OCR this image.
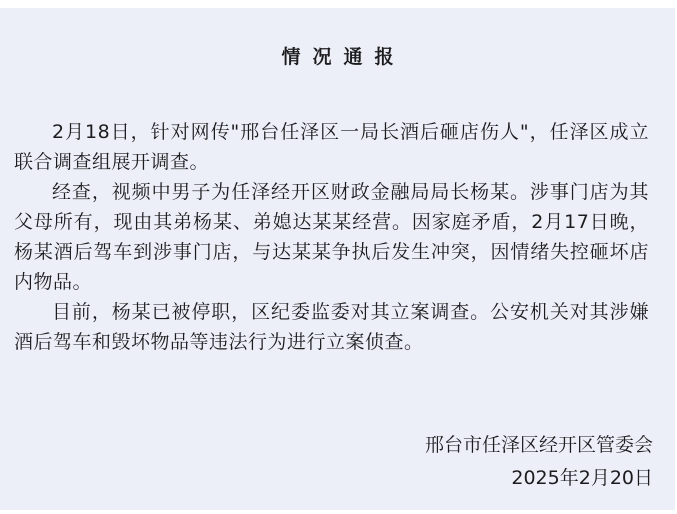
情况通报

2月18日，针对网传"邢台任泽区一局长酒后砸店伤人"，任泽区成立联合调查组展开调查。

经查，视频中男子为任泽经开区财政金融局局长杨某。涉事门店为其父母所有，现由其弟杨某、弟媳达某某经营。因家庭矛盾，2月17日晚，杨某酒后驾车到涉事门店，与达某某争执后发生冲突，因情绪失控砸坏店内物品。

目前，杨某已被停职，区纪委监委对其立案调查。公安机关对其涉嫌酒后驾车和毁坏物品等违法行为进行立案侦查。

邢台市任泽区经开区管委会

2025年2月20日
